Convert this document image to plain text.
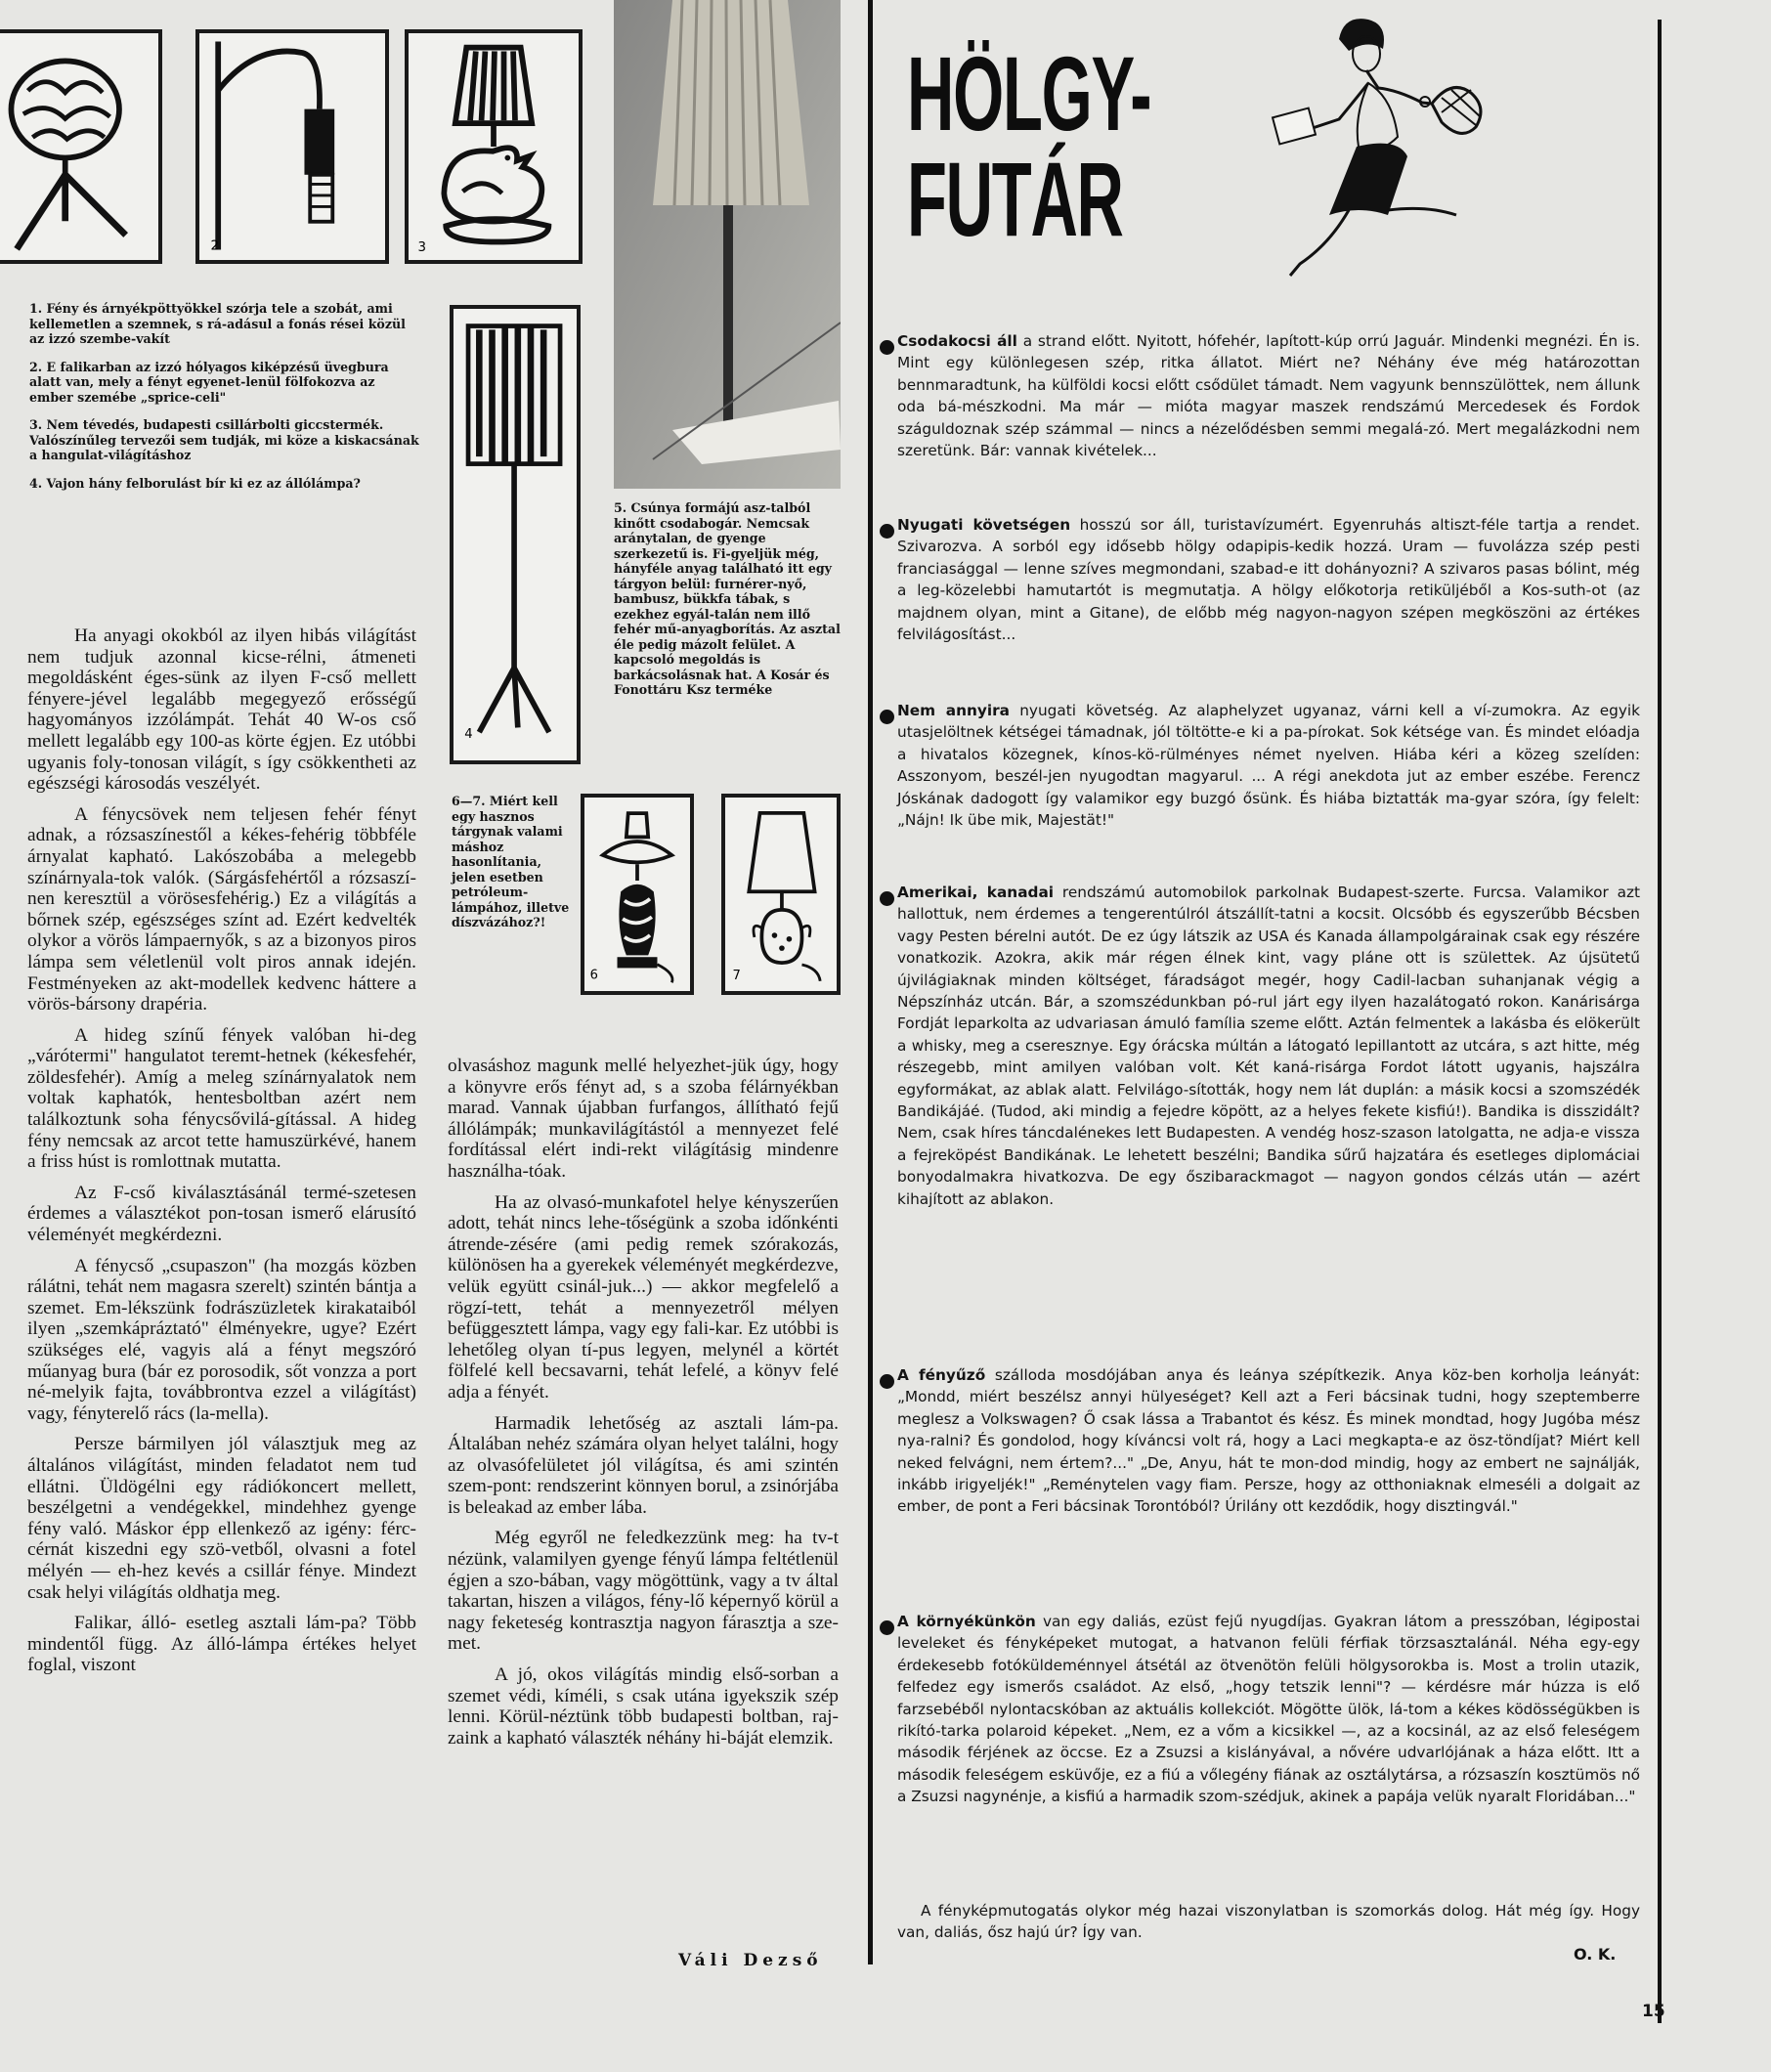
2	3
4
6	7

1. Fény és árnyékpöttyökkel szórja tele a szobát, ami kellemetlen a szemnek, s rá-adásul a fonás rései közül az izzó szembe-vakít

2. E falikarban az izzó hólyagos kiképzésű üvegbura alatt van, mely a fényt egyenet-lenül fölfokozva az ember szemébe „sprice-celi"

3. Nem tévedés, budapesti csillárbolti giccstermék. Valószínűleg tervezői sem tudják, mi köze a kiskacsának a hangulat-világításhoz

4. Vajon hány felborulást bír ki ez az állólámpa?

5. Csúnya formájú asz-talból kinőtt csodabogár. Nemcsak aránytalan, de gyenge szerkezetű is. Fi-gyeljük még, hányféle anyag található itt egy tárgyon belül: furnérer-nyő, bambusz, bükkfa tábak, s ezekhez egyál-talán nem illő fehér mű-anyagborítás. Az asztal éle pedig mázolt felület. A kapcsoló megoldás is barkácsolásnak hat. A Kosár és Fonottáru Ksz terméke

6—7. Miért kell egy hasznos tárgynak valami máshoz hasonlítania, jelen esetben petróleum-lámpához, illetve díszvázához?!

Ha anyagi okokból az ilyen hibás világítást nem tudjuk azonnal kicse-rélni, átmeneti megoldásként éges-sünk az ilyen F-cső mellett fényere-jével legalább megegyező erősségű hagyományos izzólámpát. Tehát 40 W-os cső mellett legalább egy 100-as körte égjen. Ez utóbbi ugyanis foly-tonosan világít, s így csökkentheti az egészségi károsodás veszélyét.

A fénycsövek nem teljesen fehér fényt adnak, a rózsaszínestől a kékes-fehérig többféle árnyalat kapható. Lakószobába a melegebb színárnyala-tok valók. (Sárgásfehértől a rózsaszí-nen keresztül a vörösesfehérig.) Ez a világítás a bőrnek szép, egészséges színt ad. Ezért kedvelték olykor a vörös lámpaernyők, s az a bizonyos piros lámpa sem véletlenül volt piros annak idején. Festményeken az akt-modellek kedvenc háttere a vörös-bársony drapéria.

A hideg színű fények valóban hi-deg „várótermi" hangulatot teremt-hetnek (kékesfehér, zöldesfehér). Amíg a meleg színárnyalatok nem voltak kaphatók, hentesboltban azért nem találkoztunk soha fénycsővilá-gítással. A hideg fény nemcsak az arcot tette hamuszürkévé, hanem a friss húst is romlottnak mutatta.

Az F-cső kiválasztásánál termé-szetesen érdemes a választékot pon-tosan ismerő elárusító véleményét megkérdezni.

A fénycső „csupaszon" (ha mozgás közben rálátni, tehát nem magasra szerelt) szintén bántja a szemet. Em-lékszünk fodrászüzletek kirakataiból ilyen „szemkápráztató" élményekre, ugye? Ezért szükséges elé, vagyis alá a fényt megszóró műanyag bura (bár ez porosodik, sőt vonzza a port né-melyik fajta, továbbrontva ezzel a világítást) vagy, fényterelő rács (la-mella).

Persze bármilyen jól választjuk meg az általános világítást, minden feladatot nem tud ellátni. Üldögélni egy rádiókoncert mellett, beszélgetni a vendégekkel, mindehhez gyenge fény való. Máskor épp ellenkező az igény: férc-cérnát kiszedni egy szö-vetből, olvasni a fotel mélyén — eh-hez kevés a csillár fénye. Mindezt csak helyi világítás oldhatja meg.

Falikar, álló- esetleg asztali lám-pa? Több mindentől függ. Az álló-lámpa értékes helyet foglal, viszont

olvasáshoz magunk mellé helyezhet-jük úgy, hogy a könyvre erős fényt ad, s a szoba félárnyékban marad. Vannak újabban furfangos, állítható fejű állólámpák; munkavilágítástól a mennyezet felé fordítással elért indi-rekt világításig mindenre használha-tóak.

Ha az olvasó-munkafotel helye kényszerűen adott, tehát nincs lehe-tőségünk a szoba időnkénti átrende-zésére (ami pedig remek szórakozás, különösen ha a gyerekek véleményét megkérdezve, velük együtt csinál-juk...) — akkor megfelelő a rögzí-tett, tehát a mennyezetről mélyen befüggesztett lámpa, vagy egy fali-kar. Ez utóbbi is lehetőleg olyan tí-pus legyen, melynél a körtét fölfelé kell becsavarni, tehát lefelé, a könyv felé adja a fényét.

Harmadik lehetőség az asztali lám-pa. Általában nehéz számára olyan helyet találni, hogy az olvasófelületet jól világítsa, és ami szintén szem-pont: rendszerint könnyen borul, a zsinórjába is beleakad az ember lába.

Még egyről ne feledkezzünk meg: ha tv-t nézünk, valamilyen gyenge fényű lámpa feltétlenül égjen a szo-bában, vagy mögöttünk, vagy a tv által takartan, hiszen a világos, fény-lő képernyő körül a nagy feketeség kontrasztja nagyon fárasztja a sze-met.

A jó, okos világítás mindig első-sorban a szemet védi, kíméli, s csak utána igyekszik szép lenni. Körül-néztünk több budapesti boltban, raj-zaink a kapható választék néhány hi-báját elemzik.

Váli Dezső
HÖLGY-
FUTÁR
Csodakocsi áll a strand előtt. Nyitott, hófehér, lapított-kúp orrú Jaguár. Mindenki megnézi. Én is. Mint egy különlegesen szép, ritka állatot. Miért ne? Néhány éve még határozottan bennmaradtunk, ha külföldi kocsi előtt csődület támadt. Nem vagyunk bennszülöttek, nem állunk oda bá-mészkodni. Ma már — mióta magyar maszek rendszámú Mercedesek és Fordok száguldoznak szép számmal — nincs a nézelődésben semmi megalá-zó. Mert megalázkodni nem szeretünk. Bár: vannak kivételek...
Nyugati követségen hosszú sor áll, turistavízumért. Egyenruhás altiszt-féle tartja a rendet. Szivarozva. A sorból egy idősebb hölgy odapipis-kedik hozzá. Uram — fuvolázza szép pesti franciasággal — lenne szíves megmondani, szabad-e itt dohányozni? A szivaros pasas bólint, még a leg-közelebbi hamutartót is megmutatja. A hölgy előkotorja retiküljéből a Kos-suth-ot (az majdnem olyan, mint a Gitane), de előbb még nagyon-nagyon szépen megköszöni az értékes felvilágosítást...
Nem annyira nyugati követség. Az alaphelyzet ugyanaz, várni kell a ví-zumokra. Az egyik utasjelöltnek kétségei támadnak, jól töltötte-e ki a pa-pírokat. Sok kétsége van. És mindet elóadja a hivatalos közegnek, kínos-kö-rülményes német nyelven. Hiába kéri a közeg szelíden: Asszonyom, beszél-jen nyugodtan magyarul. ... A régi anekdota jut az ember eszébe. Ferencz Jóskának dadogott így valamikor egy buzgó ősünk. És hiába biztatták ma-gyar szóra, így felelt: „Nájn! Ik übe mik, Majestät!"
Amerikai, kanadai rendszámú automobilok parkolnak Budapest-szerte. Furcsa. Valamikor azt hallottuk, nem érdemes a tengerentúlról átszállít-tatni a kocsit. Olcsóbb és egyszerűbb Bécsben vagy Pesten bérelni autót. De ez úgy látszik az USA és Kanada állampolgárainak csak egy részére vonatkozik. Azokra, akik már régen élnek kint, vagy pláne ott is születtek. Az újsütetű újvilágiaknak minden költséget, fáradságot megér, hogy Cadil-lacban suhanjanak végig a Népszínház utcán. Bár, a szomszédunkban pó-rul járt egy ilyen hazalátogató rokon. Kanárisárga Fordját leparkolta az udvariasan ámuló família szeme előtt. Aztán felmentek a lakásba és elökerült a whisky, meg a cseresznye. Egy órácska múltán a látogató lepillantott az utcára, s azt hitte, még részegebb, mint amilyen valóban volt. Két kaná-risárga Fordot látott ugyanis, hajszálra egyformákat, az ablak alatt. Felvilágo-sították, hogy nem lát duplán: a másik kocsi a szomszédék Bandikájáé. (Tudod, aki mindig a fejedre köpött, az a helyes fekete kisfiú!). Bandika is disszidált? Nem, csak híres táncdalénekes lett Budapesten. A vendég hosz-szason latolgatta, ne adja-e vissza a fejreköpést Bandikának. Le lehetett beszélni; Bandika sűrű hajzatára és esetleges diplomáciai bonyodalmakra hivatkozva. De egy őszibarackmagot — nagyon gondos célzás után — azért kihajított az ablakon.
A fényűző szálloda mosdójában anya és leánya szépítkezik. Anya köz-ben korholja leányát: „Mondd, miért beszélsz annyi hülyeséget? Kell azt a Feri bácsinak tudni, hogy szeptemberre meglesz a Volkswagen? Ő csak lássa a Trabantot és kész. És minek mondtad, hogy Jugóba mész nya-ralni? És gondolod, hogy kíváncsi volt rá, hogy a Laci megkapta-e az ösz-töndíjat? Miért kell neked felvágni, nem értem?..." „De, Anyu, hát te mon-dod mindig, hogy az embert ne sajnálják, inkább irigyeljék!" „Reménytelen vagy fiam. Persze, hogy az otthoniaknak elmeséli a dolgait az ember, de pont a Feri bácsinak Torontóból? Úrilány ott kezdődik, hogy disztingvál."
A környékünkön van egy daliás, ezüst fejű nyugdíjas. Gyakran látom a presszóban, légipostai leveleket és fényképeket mutogat, a hatvanon felüli férfiak törzsasztalánál. Néha egy-egy érdekesebb fotóküldeménnyel átsétál az ötvenötön felüli hölgysorokba is. Most a trolin utazik, felfedez egy ismerős családot. Az első, „hogy tetszik lenni"? — kérdésre már húzza is elő farzsebéből nylontacskóban az aktuális kollekciót. Mögötte ülök, lá-tom a kékes ködösségükben is rikító-tarka polaroid képeket. „Nem, ez a vőm a kicsikkel —, az a kocsinál, az az első feleségem második férjének az öccse. Ez a Zsuzsi a kislányával, a nővére udvarlójának a háza előtt. Itt a második feleségem esküvője, ez a fiú a vőlegény fiának az osztálytársa, a rózsaszín kosztümös nő a Zsuzsi nagynénje, a kisfiú a harmadik szom-szédjuk, akinek a papája velük nyaralt Floridában..."
A fényképmutogatás olykor még hazai viszonylatban is szomorkás dolog. Hát még így. Hogy van, daliás, ősz hajú úr? Így van.
O. K.
15
